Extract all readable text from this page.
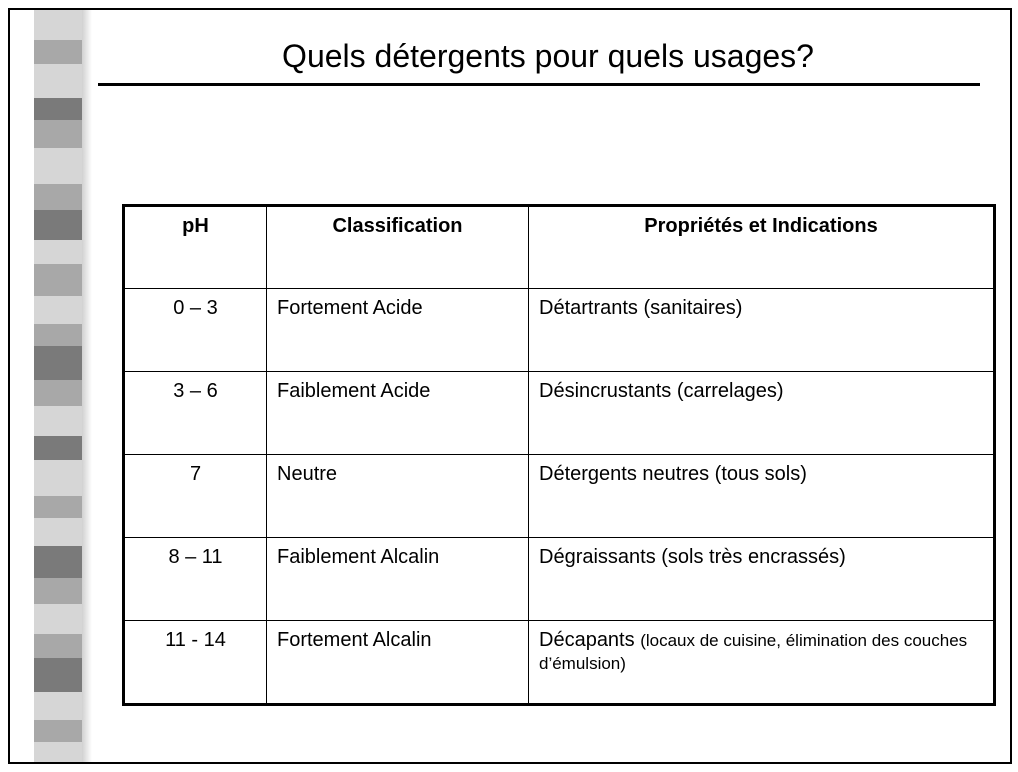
Quels détergents pour quels usages?
pH	Classification	Propriétés et Indications
0 – 3	Fortement Acide	Détartrants (sanitaires)
3 – 6	Faiblement Acide	Désincrustants (carrelages)
7	Neutre	Détergents neutres (tous sols)
8 – 11	Faiblement Alcalin	Dégraissants (sols très encrassés)
11 - 14	Fortement Alcalin	Décapants (locaux de cuisine, élimination des couches d’émulsion)
